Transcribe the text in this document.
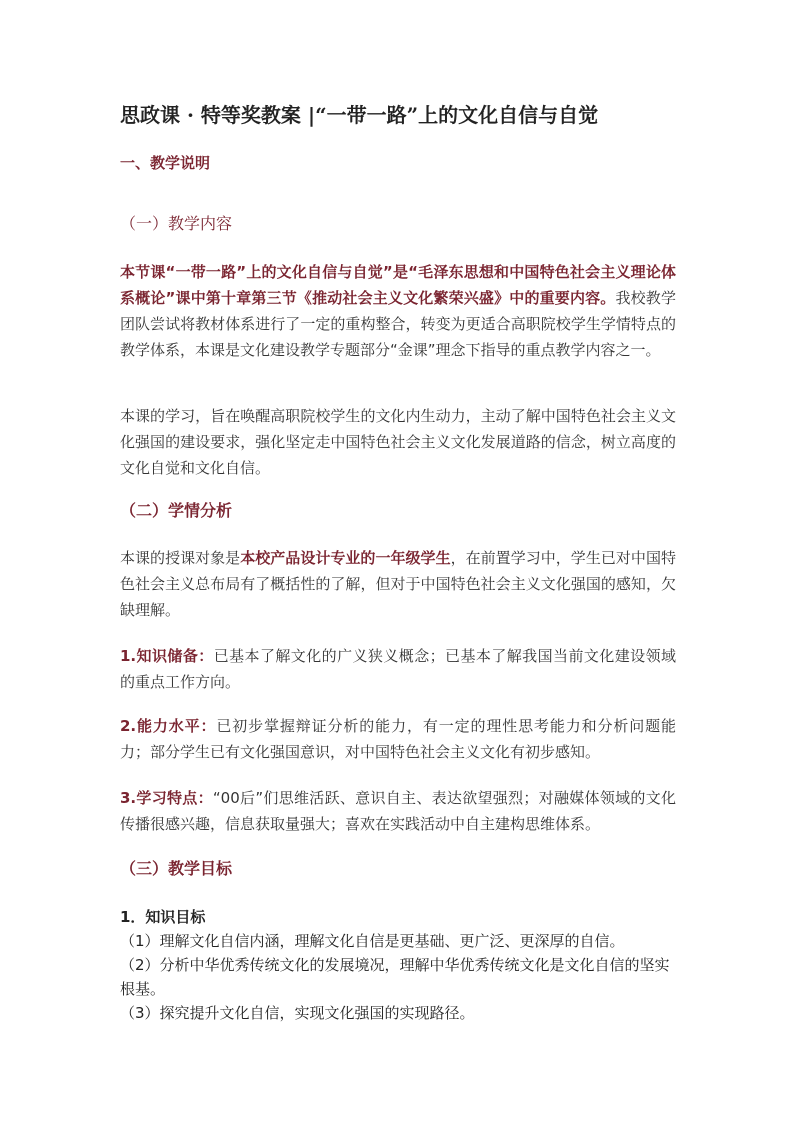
思政课 · 特等奖教案 |“一带一路”上的文化自信与自觉
一、教学说明
（一）教学内容
本节课“一带一路”上的文化自信与自觉”是“毛泽东思想和中国特色社会主义理论体系概论”课中第十章第三节《推动社会主义文化繁荣兴盛》中的重要内容。我校教学团队尝试将教材体系进行了一定的重构整合，转变为更适合高职院校学生学情特点的教学体系，本课是文化建设教学专题部分“金课”理念下指导的重点教学内容之一。
本课的学习，旨在唤醒高职院校学生的文化内生动力，主动了解中国特色社会主义文化强国的建设要求，强化坚定走中国特色社会主义文化发展道路的信念，树立高度的文化自觉和文化自信。
（二）学情分析
本课的授课对象是本校产品设计专业的一年级学生，在前置学习中，学生已对中国特色社会主义总布局有了概括性的了解，但对于中国特色社会主义文化强国的感知，欠缺理解。
1.知识储备：已基本了解文化的广义狭义概念；已基本了解我国当前文化建设领域的重点工作方向。
2.能力水平：已初步掌握辩证分析的能力，有一定的理性思考能力和分析问题能力；部分学生已有文化强国意识，对中国特色社会主义文化有初步感知。
3.学习特点：“00后”们思维活跃、意识自主、表达欲望强烈；对融媒体领域的文化传播很感兴趣，信息获取量强大；喜欢在实践活动中自主建构思维体系。
（三）教学目标
1．知识目标
（1）理解文化自信内涵，理解文化自信是更基础、更广泛、更深厚的自信。
（2）分析中华优秀传统文化的发展境况，理解中华优秀传统文化是文化自信的坚实根基。
（3）探究提升文化自信，实现文化强国的实现路径。
